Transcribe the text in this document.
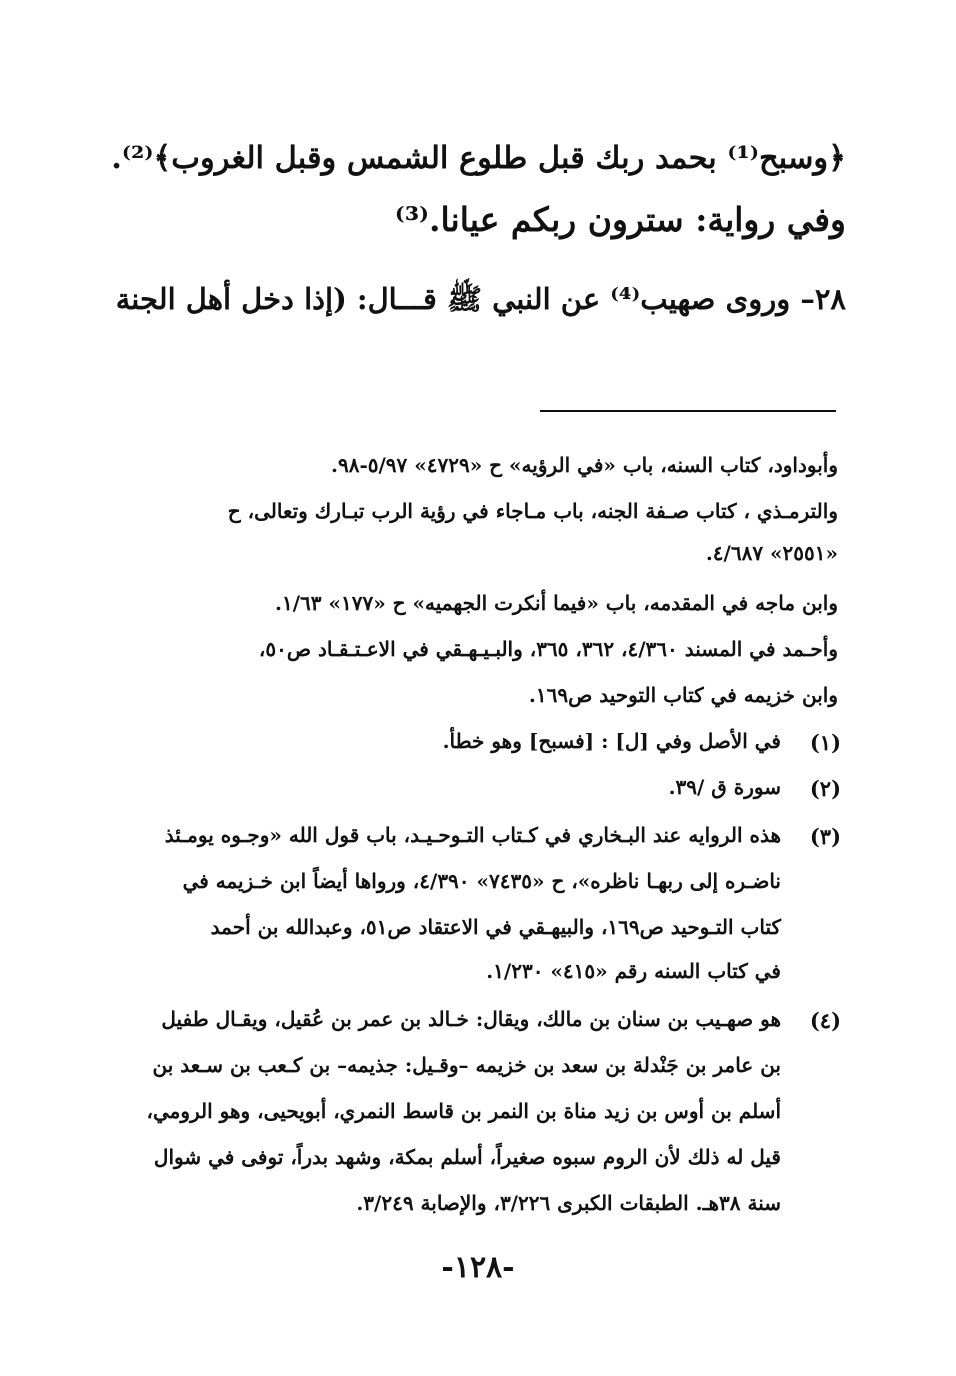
﴿وسبح⁽¹⁾ بحمد ربك قبل طلوع الشمس وقبل الغروب﴾⁽²⁾.
وفي رواية: سترون ربكم عيانا.⁽³⁾
٢٨– وروى صهيب⁽⁴⁾ عن النبي ﷺ قـــال: (إذا دخل أهل الجنة
وأبوداود، كتاب السنه، باب «في الرؤيه» ح «٤٧٢٩» ٥/٩٧-٩٨.
والترمـذي ، كتاب صـفة الجنه، باب مـاجاء في رؤية الرب تبـارك وتعالى، ح
«٢٥٥١» ٤/٦٨٧.
وابن ماجه في المقدمه، باب «فيما أنكرت الجهميه» ح «١٧٧» ١/٦٣.
وأحـمد في المسند ٤/٣٦٠، ٣٦٢، ٣٦٥، والبـيـهـقي في الاعـتـقـاد ص٥٠،
وابن خزيمه في كتاب التوحيد ص١٦٩.
(١)
في الأصل وفي [ل] : [فسبح] وهو خطأ.
(٢)
سورة ق /٣٩.
(٣)
هذه الروايه عند البـخاري في كـتاب التـوحـيـد، باب قول الله «وجـوه يومـئذ
ناضـره إلى ربهـا ناظره»، ح «٧٤٣٥» ٤/٣٩٠، ورواها أيضاً ابن خـزيمه في
كتاب التـوحيد ص١٦٩، والبيهـقي في الاعتقاد ص٥١، وعبدالله بن أحمد
في كتاب السنه رقم «٤١٥» ١/٢٣٠.
(٤)
هو صهـيب بن سنان بن مالك، ويقال: خـالد بن عمر بن عُقيل، ويقـال طفيل
بن عامر بن جَنْدلة بن سعد بن خزيمه –وقـيل: جذيمه– بن كـعب بن سـعد بن
أسلم بن أوس بن زيد مناة بن النمر بن قاسط النمري، أبويحيى، وهو الرومي،
قيل له ذلك لأن الروم سبوه صغيراً، أسلم بمكة، وشهد بدراً، توفى في شوال
سنة ٣٨هـ. الطبقات الكبرى ٣/٢٢٦، والإصابة ٣/٢٤٩.
-١٢٨-
